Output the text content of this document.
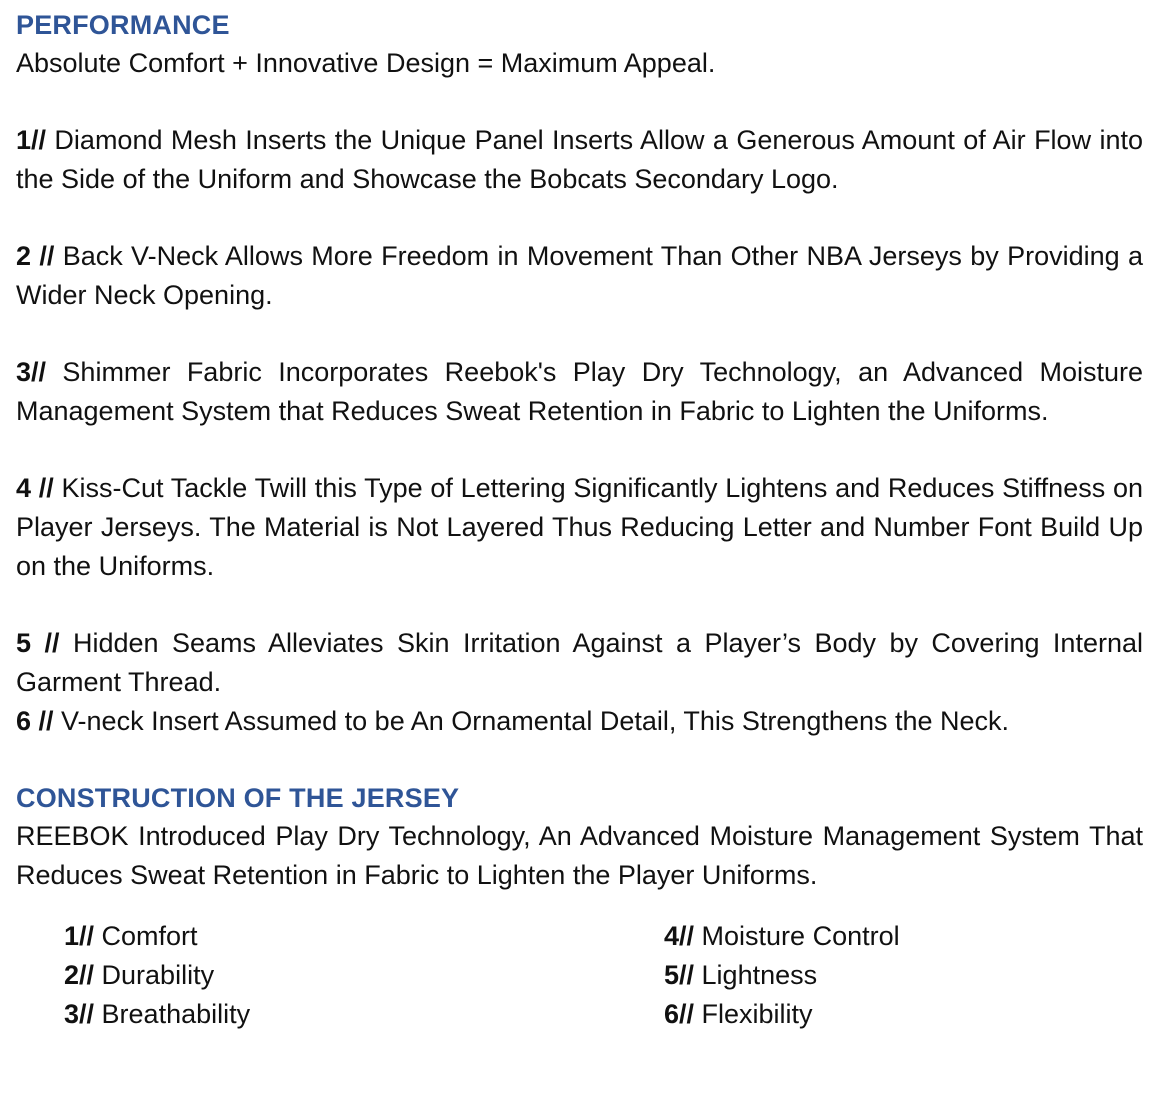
PERFORMANCE

Absolute Comfort + Innovative Design = Maximum Appeal.

1// Diamond Mesh Inserts the Unique Panel Inserts Allow a Generous Amount of Air Flow into the Side of the Uniform and Showcase the Bobcats Secondary Logo.

2 // Back V-Neck Allows More Freedom in Movement Than Other NBA Jerseys by Providing a Wider Neck Opening.

3// Shimmer Fabric Incorporates Reebok's Play Dry Technology, an Advanced Moisture Management System that Reduces Sweat Retention in Fabric to Lighten the Uniforms.

4 // Kiss-Cut Tackle Twill this Type of Lettering Significantly Lightens and Reduces Stiffness on Player Jerseys. The Material is Not Layered Thus Reducing Letter and Number Font Build Up on the Uniforms.

5 // Hidden Seams Alleviates Skin Irritation Against a Player’s Body by Covering Internal Garment Thread.

6 // V-neck Insert Assumed to be An Ornamental Detail, This Strengthens the Neck.

CONSTRUCTION OF THE JERSEY

REEBOK Introduced Play Dry Technology, An Advanced Moisture Management System That Reduces Sweat Retention in Fabric to Lighten the Player Uniforms.

1// Comfort
2// Durability
3// Breathability
4// Moisture Control
5// Lightness
6// Flexibility
